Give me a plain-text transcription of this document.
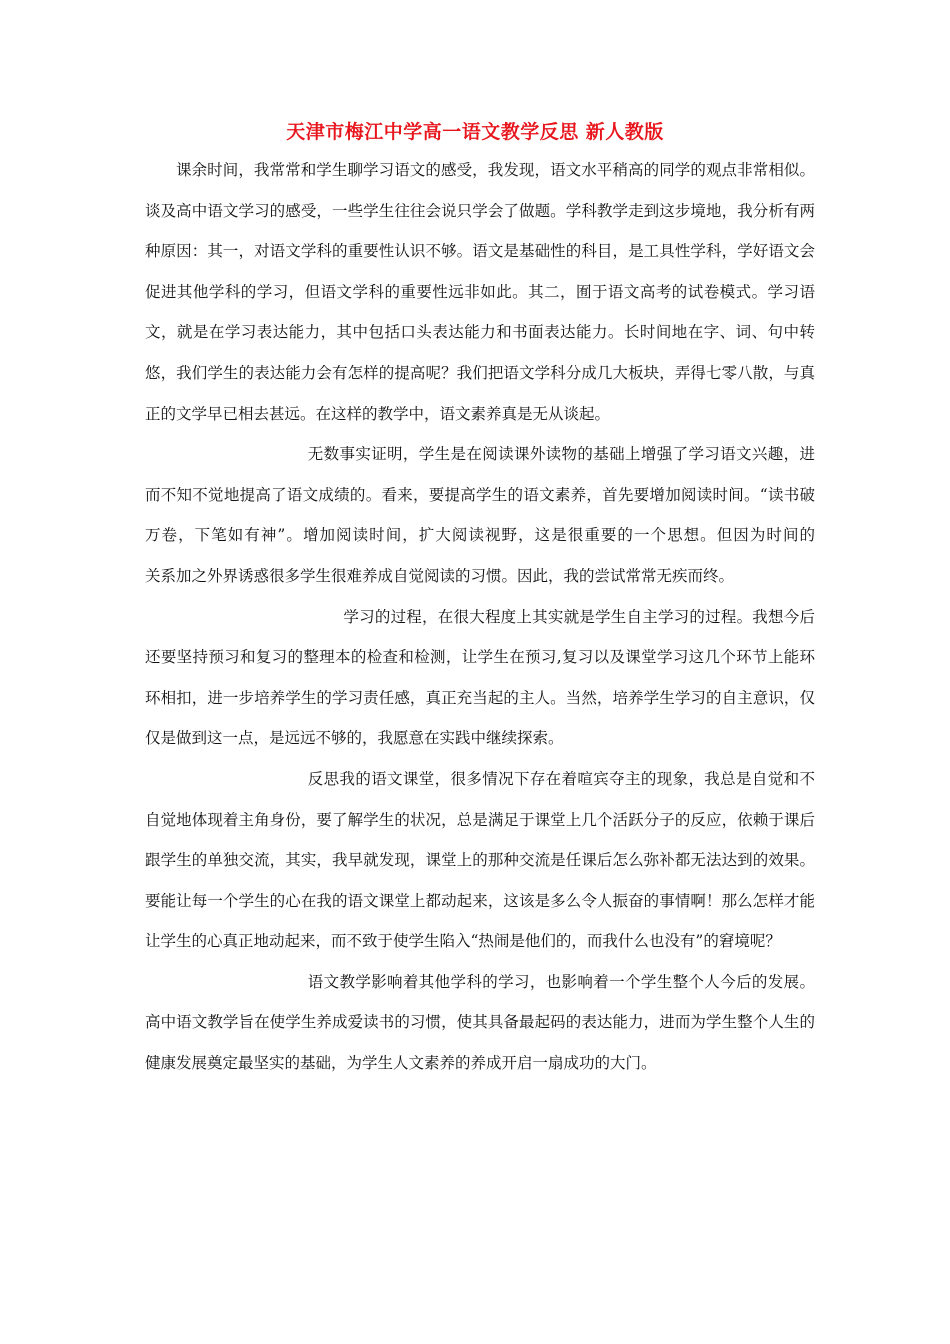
天津市梅江中学高一语文教学反思 新人教版

课余时间，我常常和学生聊学习语文的感受，我发现，语文水平稍高的同学的观点非常相似。谈及高中语文学习的感受，一些学生往往会说只学会了做题。学科教学走到这步境地，我分析有两种原因：其一，对语文学科的重要性认识不够。语文是基础性的科目，是工具性学科，学好语文会促进其他学科的学习，但语文学科的重要性远非如此。其二，囿于语文高考的试卷模式。学习语文，就是在学习表达能力，其中包括口头表达能力和书面表达能力。长时间地在字、词、句中转悠，我们学生的表达能力会有怎样的提高呢？我们把语文学科分成几大板块，弄得七零八散，与真正的文学早已相去甚远。在这样的教学中，语文素养真是无从谈起。

无数事实证明，学生是在阅读课外读物的基础上增强了学习语文兴趣，进而不知不觉地提高了语文成绩的。看来，要提高学生的语文素养，首先要增加阅读时间。“读书破万卷，下笔如有神”。增加阅读时间，扩大阅读视野，这是很重要的一个思想。但因为时间的　　关系加之外界诱惑很多学生很难养成自觉阅读的习惯。因此，我的尝试常常无疾而终。

学习的过程，在很大程度上其实就是学生自主学习的过程。我想今后还要坚持预习和复习的整理本的检查和检测，让学生在预习,复习以及课堂学习这几个环节上能环环相扣，进一步培养学生的学习责任感，真正充当起的主人。当然，培养学生学习的自主意识，仅仅是做到这一点，是远远不够的，我愿意在实践中继续探索。

反思我的语文课堂，很多情况下存在着喧宾夺主的现象，我总是自觉和不自觉地体现着主角身份，要了解学生的状况，总是满足于课堂上几个活跃分子的反应，依赖于课后跟学生的单独交流，其实，我早就发现，课堂上的那种交流是任课后怎么弥补都无法达到的效果。要能让每一个学生的心在我的语文课堂上都动起来，这该是多么令人振奋的事情啊！那么怎样才能让学生的心真正地动起来，而不致于使学生陷入“热闹是他们的，而我什么也没有”的窘境呢？

语文教学影响着其他学科的学习，也影响着一个学生整个人今后的发展。高中语文教学旨在使学生养成爱读书的习惯，使其具备最起码的表达能力，进而为学生整个人生的健康发展奠定最坚实的基础，为学生人文素养的养成开启一扇成功的大门。
